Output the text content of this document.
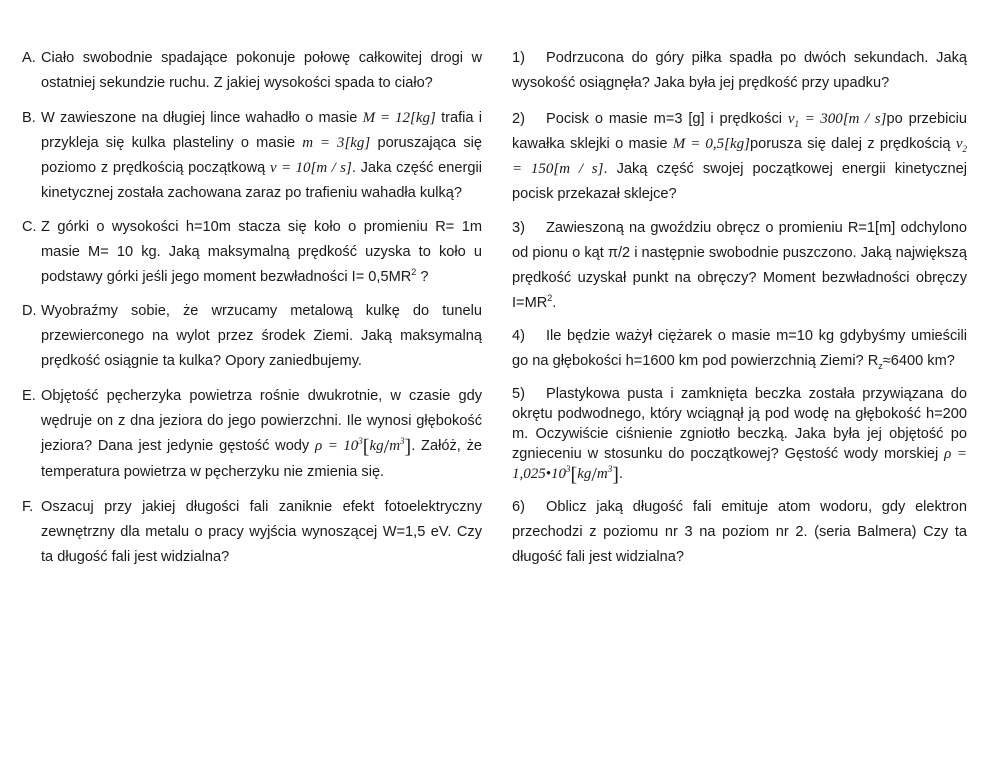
A. Ciało swobodnie spadające pokonuje połowę całkowitej drogi w ostatniej sekundzie ruchu. Z jakiej wysokości spada to ciało?
B. W zawieszone na długiej lince wahadło o masie M = 12[kg] trafia i przykleja się kulka plasteliny o masie m = 3[kg] poruszająca się poziomo z prędkością początkową v = 10[m / s]. Jaka część energii kinetycznej została zachowana zaraz po trafieniu wahadła kulką?
C. Z górki o wysokości h=10m stacza się koło o promieniu R= 1m masie M= 10 kg. Jaką maksymalną prędkość uzyska to koło u podstawy górki jeśli jego moment bezwładności $I= 0,5MR^2$ ?
D. Wyobraźmy sobie, że wrzucamy metalową kulkę do tunelu przewierconego na wylot przez środek Ziemi. Jaką maksymalną prędkość osiągnie ta kulka? Opory zaniedbujemy.
E. Objętość pęcherzyka powietrza rośnie dwukrotnie, w czasie gdy wędruje on z dna jeziora do jego powierzchni. Ile wynosi głębokość jeziora? Dana jest jedynie gęstość wody $\rho = 10^3[kg/m^3]$. Załóż, że temperatura powietrza w pęcherzyku nie zmienia się.
F. Oszacuj przy jakiej długości fali zaniknie efekt fotoelektryczny zewnętrzny dla metalu o pracy wyjścia wynoszącej W=1,5 eV. Czy ta długość fali jest widzialna?
1) Podrzucona do góry piłka spadła po dwóch sekundach. Jaką wysokość osiągnęła? Jaka była jej prędkość przy upadku?
2) Pocisk o masie m=3 [g] i prędkości $v_1 = 300[m / s]po$ przebiciu kawałka sklejki o masie M = 0,5[kg]porusza się dalej z prędkością $v_2 = 150[m / s]$. Jaką część swojej początkowej energii kinetycznej pocisk przekazał sklejce?
3) Zawieszoną na gwoździu obręcz o promieniu R=1[m] odchylono od pionu o kąt π/2 i następnie swobodnie puszczono. Jaką największą prędkość uzyskał punkt na obręczy? Moment bezwładności obręczy $I=MR^2$.
4) Ile będzie ważył ciężarek o masie m=10 kg gdybyśmy umieścili go na głębokości h=1600 km pod powierzchnią Ziemi? $R_z\approx 6400$ km?
5) Plastykowa pusta i zamknięta beczka została przywiązana do okrętu podwodnego, który wciągnął ją pod wodę na głębokość h=200 m. Oczywiście ciśnienie zgniotło beczką. Jaka była jej objętość po zgnieceniu w stosunku do początkowej? Gęstość wody morskiej $\rho = 1,025•10^3[kg/m^3]$.
6) Oblicz jaką długość fali emituje atom wodoru, gdy elektron przechodzi z poziomu nr 3 na poziom nr 2. (seria Balmera) Czy ta długość fali jest widzialna?
